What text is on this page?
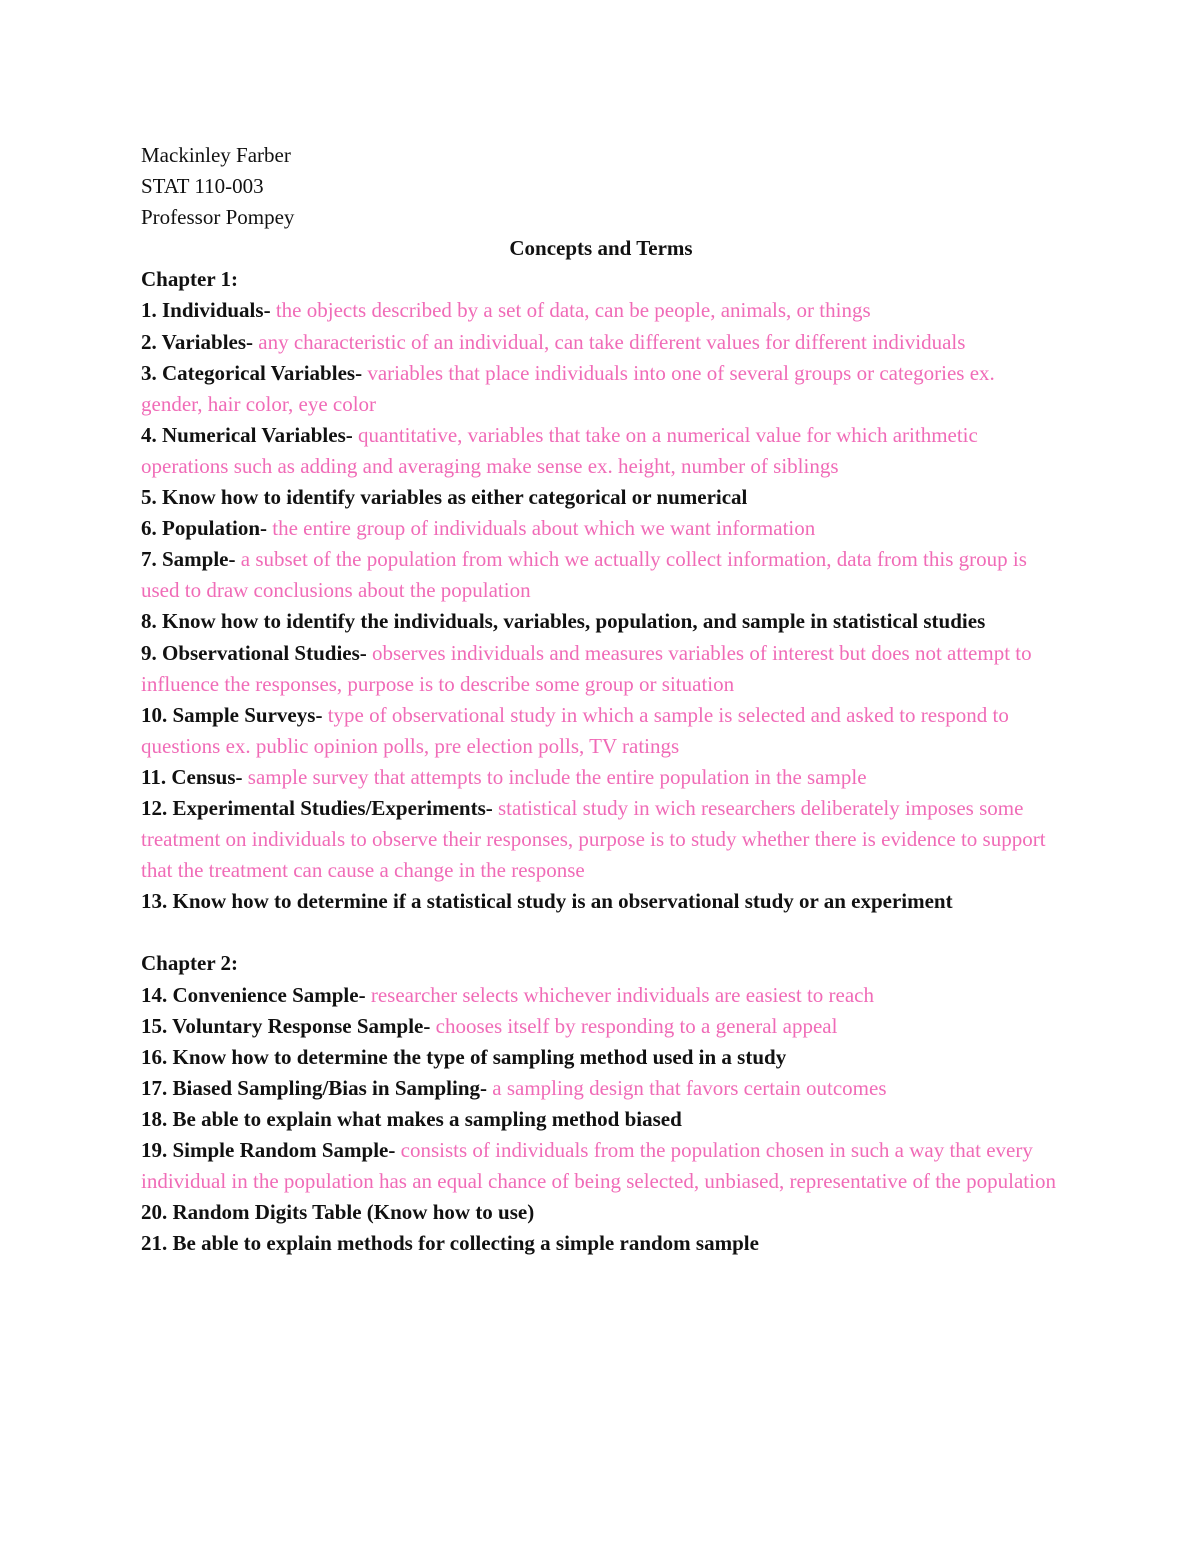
Mackinley Farber

STAT 110-003

Professor Pompey

Concepts and Terms

Chapter 1:

1. Individuals- the objects described by a set of data, can be people, animals, or things

2. Variables- any characteristic of an individual, can take different values for different individuals

3. Categorical Variables- variables that place individuals into one of several groups or categories ex. gender, hair color, eye color

4. Numerical Variables- quantitative, variables that take on a numerical value for which arithmetic operations such as adding and averaging make sense ex. height, number of siblings

5. Know how to identify variables as either categorical or numerical

6. Population- the entire group of individuals about which we want information

7. Sample- a subset of the population from which we actually collect information, data from this group is used to draw conclusions about the population

8. Know how to identify the individuals, variables, population, and sample in statistical studies

9. Observational Studies- observes individuals and measures variables of interest but does not attempt to influence the responses, purpose is to describe some group or situation

10. Sample Surveys- type of observational study in which a sample is selected and asked to respond to questions ex. public opinion polls, pre election polls, TV ratings

11. Census- sample survey that attempts to include the entire population in the sample

12. Experimental Studies/Experiments- statistical study in wich researchers deliberately imposes some treatment on individuals to observe their responses, purpose is to study whether there is evidence to support that the treatment can cause a change in the response

13. Know how to determine if a statistical study is an observational study or an experiment

Chapter 2:

14. Convenience Sample- researcher selects whichever individuals are easiest to reach

15. Voluntary Response Sample- chooses itself by responding to a general appeal

16. Know how to determine the type of sampling method used in a study

17. Biased Sampling/Bias in Sampling- a sampling design that favors certain outcomes

18. Be able to explain what makes a sampling method biased

19. Simple Random Sample- consists of individuals from the population chosen in such a way that every individual in the population has an equal chance of being selected, unbiased, representative of the population

20. Random Digits Table (Know how to use)

21. Be able to explain methods for collecting a simple random sample
